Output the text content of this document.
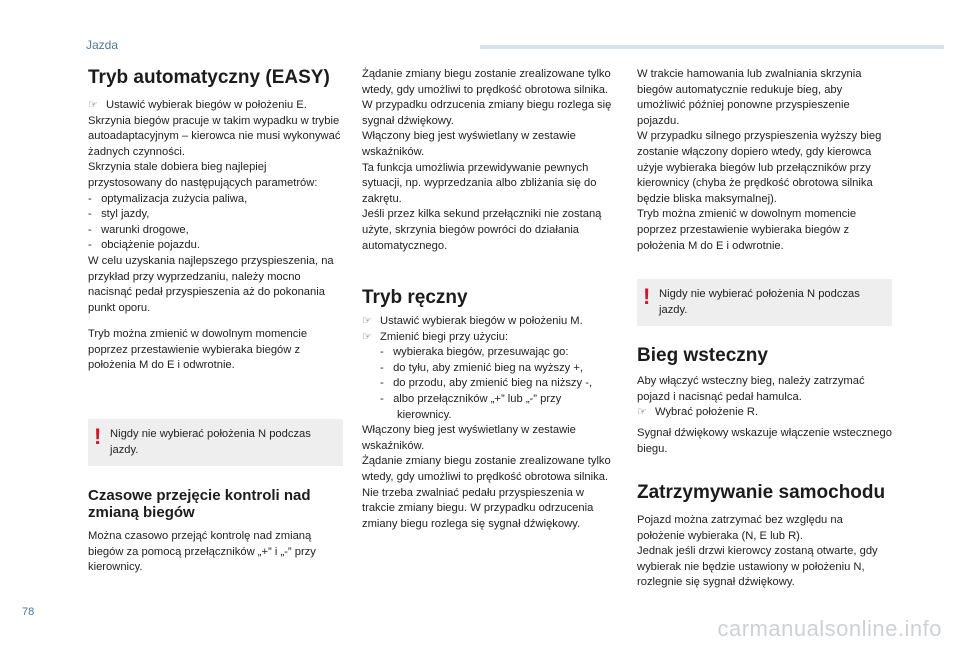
Jazda
78
carmanualsonline.info
Tryb automatyczny (EASY)
☞ Ustawić wybierak biegów w położeniu E.

Skrzynia biegów pracuje w takim wypadku w trybie autoadaptacyjnym – kierowca nie musi wykonywać żadnych czynności.

Skrzynia stale dobiera bieg najlepiej przystosowany do następujących parametrów:

-   optymalizacja zużycia paliwa,
-   styl jazdy,
-   warunki drogowe,
-   obciążenie pojazdu.

W celu uzyskania najlepszego przyspieszenia, na przykład przy wyprzedzaniu, należy mocno nacisnąć pedał przyspieszenia aż do pokonania punkt oporu.

Tryb można zmienić w dowolnym momencie poprzez przestawienie wybieraka biegów z położenia M do E i odwrotnie.

! Nigdy nie wybierać położenia N podczas jazdy.
Czasowe przejęcie kontroli nad
zmianą biegów

Można czasowo przejąć kontrolę nad zmianą biegów za pomocą przełączników „+” i „-” przy kierownicy.

Żądanie zmiany biegu zostanie zrealizowane tylko wtedy, gdy umożliwi to prędkość obrotowa silnika. W przypadku odrzucenia zmiany biegu rozlega się sygnał dźwiękowy.

Włączony bieg jest wyświetlany w zestawie wskaźników.

Ta funkcja umożliwia przewidywanie pewnych sytuacji, np. wyprzedzania albo zbliżania się do zakrętu.

Jeśli przez kilka sekund przełączniki nie zostaną użyte, skrzynia biegów powróci do działania automatycznego.

Tryb ręczny
☞ Ustawić wybierak biegów w położeniu M.
☞ Zmienić biegi przy użyciu:
-   wybieraka biegów, przesuwając go:
-   do tyłu, aby zmienić bieg na wyższy +,
-   do przodu, aby zmienić bieg na niższy -,
-   albo przełączników „+” lub „-” przy kierownicy.

Włączony bieg jest wyświetlany w zestawie wskaźników.

Żądanie zmiany biegu zostanie zrealizowane tylko wtedy, gdy umożliwi to prędkość obrotowa silnika.

Nie trzeba zwalniać pedału przyspieszenia w trakcie zmiany biegu. W przypadku odrzucenia zmiany biegu rozlega się sygnał dźwiękowy.

W trakcie hamowania lub zwalniania skrzynia biegów automatycznie redukuje bieg, aby umożliwić później ponowne przyspieszenie pojazdu.

W przypadku silnego przyspieszenia wyższy bieg zostanie włączony dopiero wtedy, gdy kierowca użyje wybieraka biegów lub przełączników przy kierownicy (chyba że prędkość obrotowa silnika będzie bliska maksymalnej).

Tryb można zmienić w dowolnym momencie poprzez przestawienie wybieraka biegów z położenia M do E i odwrotnie.

! Nigdy nie wybierać położenia N podczas jazdy.
Bieg wsteczny

Aby włączyć wsteczny bieg, należy zatrzymać pojazd i nacisnąć pedał hamulca.

☞ Wybrać położenie R.

Sygnał dźwiękowy wskazuje włączenie wstecznego biegu.

Zatrzymywanie samochodu

Pojazd można zatrzymać bez względu na położenie wybieraka (N, E lub R).

Jednak jeśli drzwi kierowcy zostaną otwarte, gdy wybierak nie będzie ustawiony w położeniu N, rozlegnie się sygnał dźwiękowy.
